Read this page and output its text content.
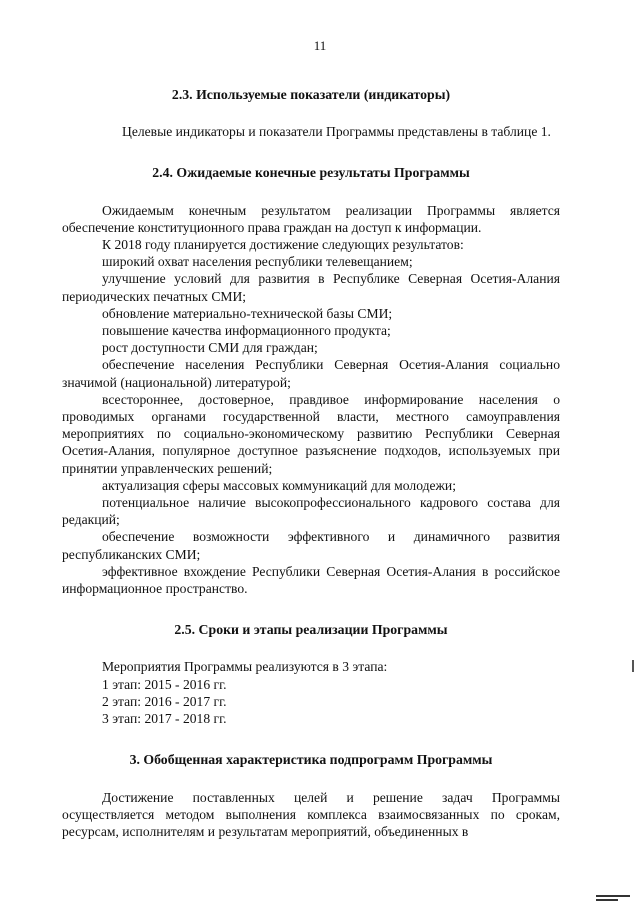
11
2.3. Используемые показатели (индикаторы)

Целевые индикаторы и показатели Программы представлены в таблице 1.

2.4. Ожидаемые конечные результаты Программы

Ожидаемым конечным результатом реализации Программы является обеспечение конституционного права граждан на доступ к информации.

К 2018 году планируется достижение следующих результатов:

широкий охват населения республики телевещанием;

улучшение условий для развития в Республике Северная Осетия-Алания периодических печатных СМИ;

обновление материально-технической базы СМИ;

повышение качества информационного продукта;

рост доступности СМИ для граждан;

обеспечение населения Республики Северная Осетия-Алания социально значимой (национальной) литературой;

всестороннее, достоверное, правдивое информирование населения о проводимых органами государственной власти, местного самоуправления мероприятиях по социально-экономическому развитию Республики Северная Осетия-Алания, популярное доступное разъяснение подходов, используемых при принятии управленческих решений;

актуализация сферы массовых коммуникаций для молодежи;

потенциальное наличие высокопрофессионального кадрового состава для редакций;

обеспечение возможности эффективного и динамичного развития республиканских СМИ;

эффективное вхождение Республики Северная Осетия-Алания в российское информационное пространство.

2.5. Сроки и этапы реализации Программы

Мероприятия Программы реализуются в 3 этапа:

1 этап: 2015 - 2016 гг.

2 этап: 2016 - 2017 гг.

3 этап: 2017 - 2018 гг.

3. Обобщенная характеристика подпрограмм Программы

Достижение поставленных целей и решение задач Программы осуществляется методом выполнения комплекса взаимосвязанных по срокам, ресурсам, исполнителям и результатам мероприятий, объединенных в
